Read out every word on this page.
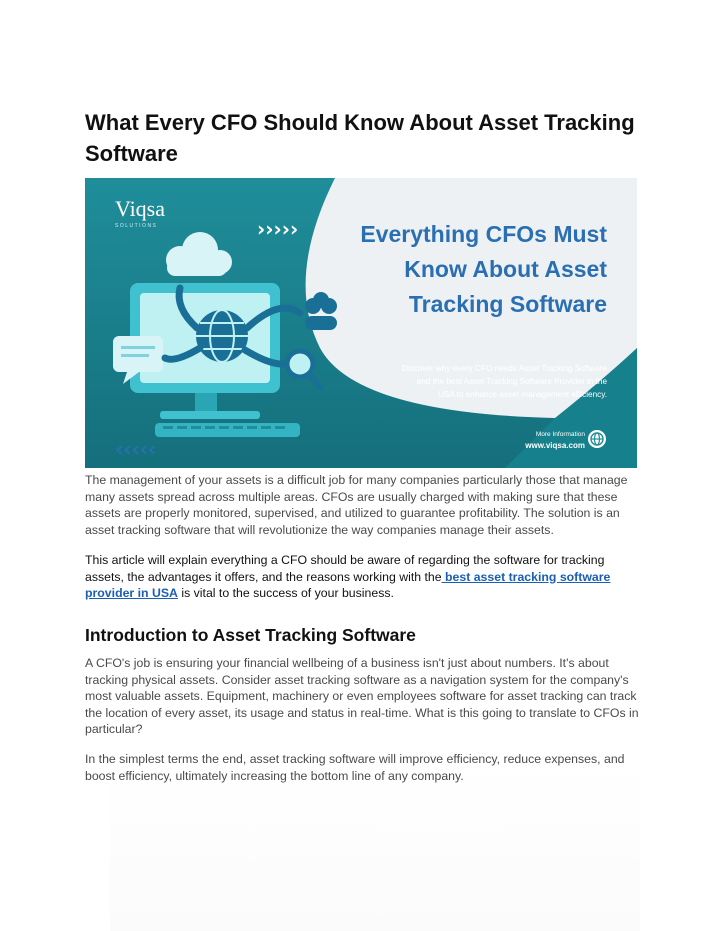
What Every CFO Should Know About Asset Tracking Software
Viqsa
SOLUTIONS	›››››
‹‹‹‹‹
Everything CFOs Must
Know About Asset
Tracking Software
Discover why every CFO needs Asset Tracking Software
and the best Asset Tracking Software Provider in the
USA to enhance asset management efficiency.
More Information
www.viqsa.com

The management of your assets is a difficult job for many companies particularly those that manage many assets spread across multiple areas. CFOs are usually charged with making sure that these assets are properly monitored, supervised, and utilized to guarantee profitability. The solution is an asset tracking software that will revolutionize the way companies manage their assets.

This article will explain everything a CFO should be aware of regarding the software for tracking assets, the advantages it offers, and the reasons working with the best asset tracking software provider in USA is vital to the success of your business.

Introduction to Asset Tracking Software

A CFO's job is ensuring your financial wellbeing of a business isn't just about numbers. It's about tracking physical assets. Consider asset tracking software as a navigation system for the company's most valuable assets. Equipment, machinery or even employees software for asset tracking can track the location of every asset, its usage and status in real-time. What is this going to translate to CFOs in particular?

In the simplest terms the end, asset tracking software will improve efficiency, reduce expenses, and boost efficiency, ultimately increasing the bottom line of any company.
